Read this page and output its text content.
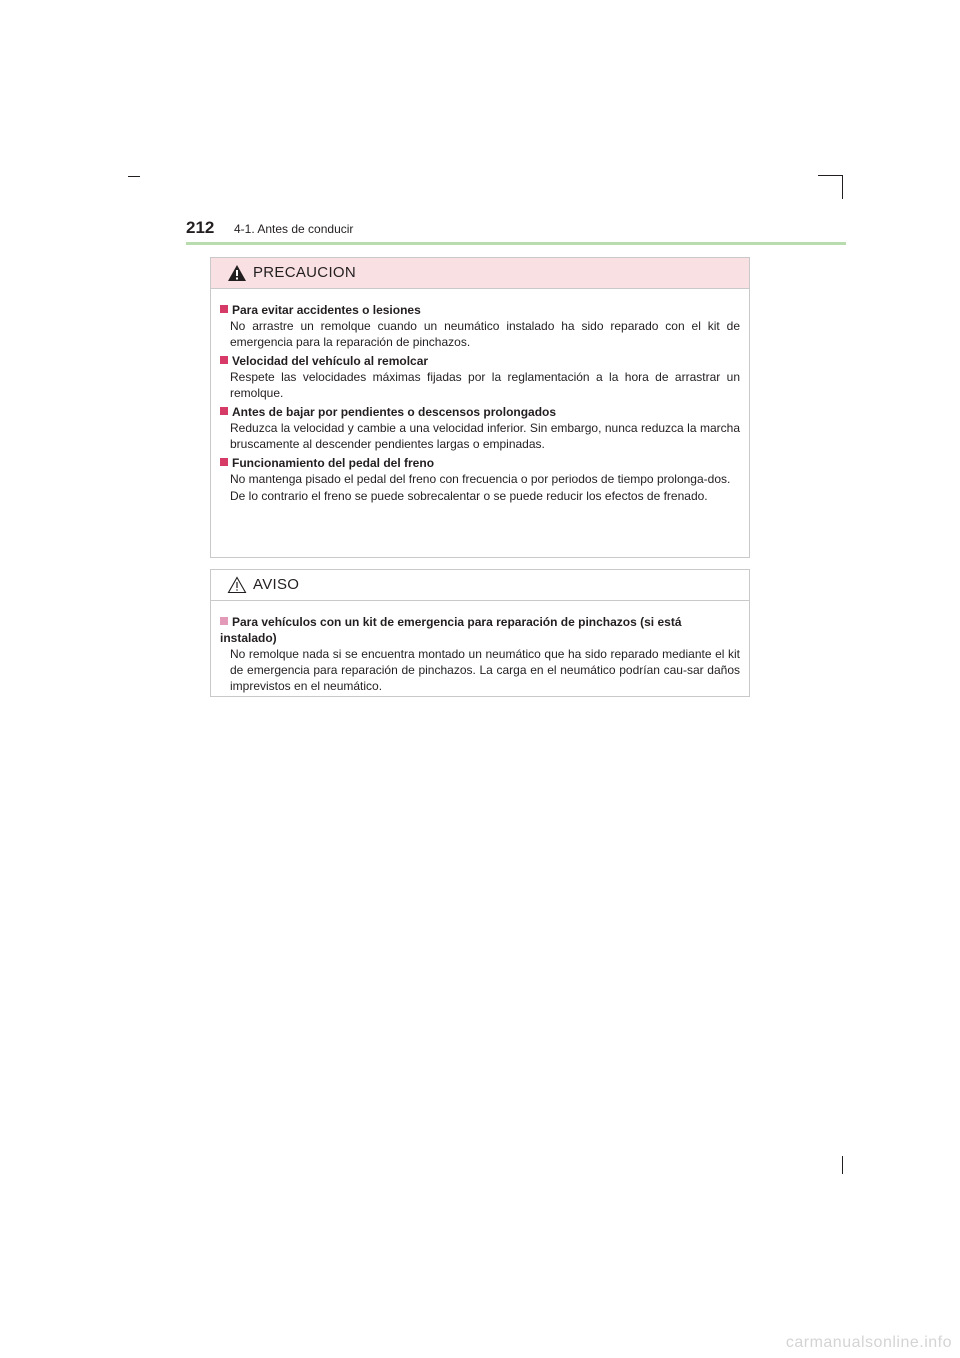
212 4-1. Antes de conducir
PRECAUCION
Para evitar accidentes o lesiones
No arrastre un remolque cuando un neumático instalado ha sido reparado con el kit de emergencia para la reparación de pinchazos.
Velocidad del vehículo al remolcar
Respete las velocidades máximas fijadas por la reglamentación a la hora de arrastrar un remolque.
Antes de bajar por pendientes o descensos prolongados
Reduzca la velocidad y cambie a una velocidad inferior. Sin embargo, nunca reduzca la marcha bruscamente al descender pendientes largas o empinadas.
Funcionamiento del pedal del freno
No mantenga pisado el pedal del freno con frecuencia o por periodos de tiempo prolonga-dos.
De lo contrario el freno se puede sobrecalentar o se puede reducir los efectos de frenado.
AVISO
Para vehículos con un kit de emergencia para reparación de pinchazos (si está instalado)
No remolque nada si se encuentra montado un neumático que ha sido reparado mediante el kit de emergencia para reparación de pinchazos. La carga en el neumático podrían cau-sar daños imprevistos en el neumático.
carmanualsonline.info
